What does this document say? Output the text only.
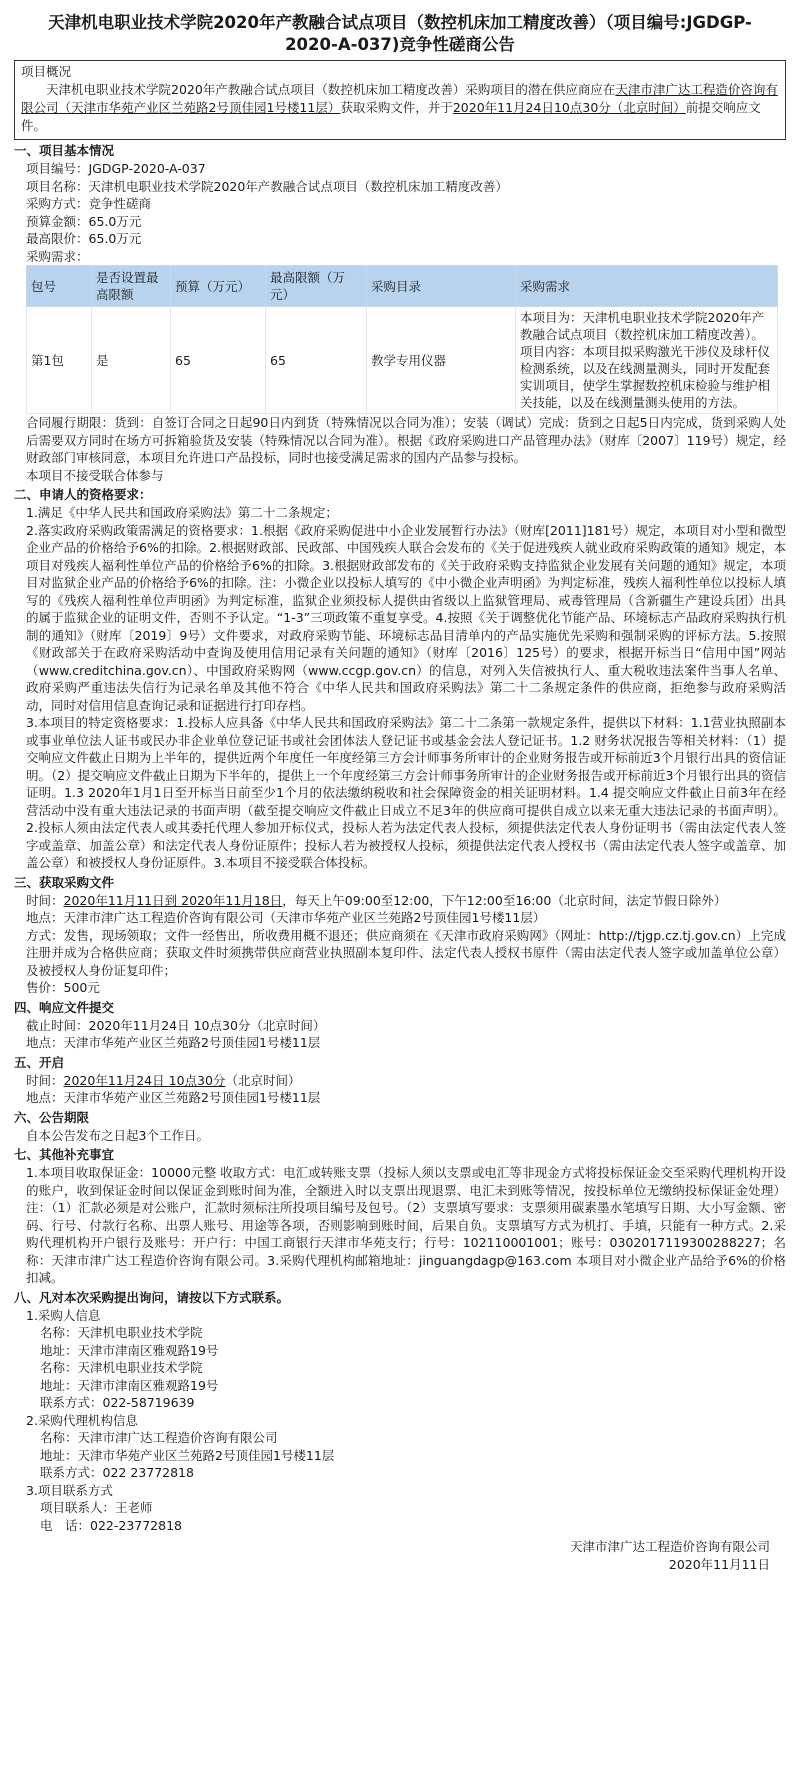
天津机电职业技术学院2020年产教融合试点项目（数控机床加工精度改善）（项目编号:JGDGP-2020-A-037)竞争性磋商公告
项目概况
天津机电职业技术学院2020年产教融合试点项目（数控机床加工精度改善）采购项目的潜在供应商应在天津市津广达工程造价咨询有限公司（天津市华苑产业区兰苑路2号顶佳园1号楼11层）获取采购文件，并于2020年11月24日10点30分（北京时间）前提交响应文件。
一、项目基本情况
项目编号：JGDGP-2020-A-037
项目名称：天津机电职业技术学院2020年产教融合试点项目（数控机床加工精度改善）
采购方式：竞争性磋商
预算金额：65.0万元
最高限价：65.0万元
采购需求：
包号	是否设置最高限额	预算（万元）	最高限额（万元）	采购目录	采购需求
第1包	是	65	65	教学专用仪器	本项目为：天津机电职业技术学院2020年产教融合试点项目（数控机床加工精度改善）。项目内容：本项目拟采购激光干涉仪及球杆仪检测系统，以及在线测量测头，同时开发配套实训项目，使学生掌握数控机床检验与维护相关技能，以及在线测量测头使用的方法。
合同履行期限：货到：自签订合同之日起90日内到货（特殊情况以合同为准）；安装（调试）完成：货到之日起5日内完成，货到采购人处后需要双方同时在场方可拆箱验货及安装（特殊情况以合同为准）。根据《政府采购进口产品管理办法》（财库〔2007〕119号）规定，经财政部门审核同意，本项目允许进口产品投标，同时也接受满足需求的国内产品参与投标。
本项目不接受联合体参与
二、申请人的资格要求：
1.满足《中华人民共和国政府采购法》第二十二条规定；
2.落实政府采购政策需满足的资格要求：1.根据《政府采购促进中小企业发展暂行办法》（财库[2011]181号）规定，本项目对小型和微型企业产品的价格给予6%的扣除。2.根据财政部、民政部、中国残疾人联合会发布的《关于促进残疾人就业政府采购政策的通知》规定，本项目对残疾人福利性单位产品的价格给予6%的扣除。3.根据财政部发布的《关于政府采购支持监狱企业发展有关问题的通知》规定，本项目对监狱企业产品的价格给予6%的扣除。注：小微企业以投标人填写的《中小微企业声明函》为判定标准，残疾人福利性单位以投标人填写的《残疾人福利性单位声明函》为判定标准，监狱企业须投标人提供由省级以上监狱管理局、戒毒管理局（含新疆生产建设兵团）出具的属于监狱企业的证明文件，否则不予认定。“1-3”三项政策不重复享受。4.按照《关于调整优化节能产品、环境标志产品政府采购执行机制的通知》（财库〔2019〕9号）文件要求，对政府采购节能、环境标志品目清单内的产品实施优先采购和强制采购的评标方法。5.按照《财政部关于在政府采购活动中查询及使用信用记录有关问题的通知》（财库〔2016〕125号）的要求，根据开标当日“信用中国”网站（www.creditchina.gov.cn）、中国政府采购网（www.ccgp.gov.cn）的信息，对列入失信被执行人、重大税收违法案件当事人名单、政府采购严重违法失信行为记录名单及其他不符合《中华人民共和国政府采购法》第二十二条规定条件的供应商，拒绝参与政府采购活动，同时对信用信息查询记录和证据进行打印存档。
3.本项目的特定资格要求：1.投标人应具备《中华人民共和国政府采购法》第二十二条第一款规定条件，提供以下材料：1.1营业执照副本或事业单位法人证书或民办非企业单位登记证书或社会团体法人登记证书或基金会法人登记证书。1.2 财务状况报告等相关材料：（1）提交响应文件截止日期为上半年的，提供近两个年度任一年度经第三方会计师事务所审计的企业财务报告或开标前近3个月银行出具的资信证明。（2）提交响应文件截止日期为下半年的，提供上一个年度经第三方会计师事务所审计的企业财务报告或开标前近3个月银行出具的资信证明。1.3 2020年1月1日至开标当日前至少1个月的依法缴纳税收和社会保障资金的相关证明材料。1.4 提交响应文件截止日前3年在经营活动中没有重大违法记录的书面声明（截至提交响应文件截止日成立不足3年的供应商可提供自成立以来无重大违法记录的书面声明）。2.投标人须由法定代表人或其委托代理人参加开标仪式，投标人若为法定代表人投标，须提供法定代表人身份证明书（需由法定代表人签字或盖章、加盖公章）和法定代表人身份证原件；投标人若为被授权人投标，须提供法定代表人授权书（需由法定代表人签字或盖章、加盖公章）和被授权人身份证原件。3.本项目不接受联合体投标。
三、获取采购文件
时间：2020年11月11日到 2020年11月18日，每天上午09:00至12:00，下午12:00至16:00（北京时间，法定节假日除外）
地点：天津市津广达工程造价咨询有限公司（天津市华苑产业区兰苑路2号顶佳园1号楼11层）
方式：发售，现场领取；文件一经售出，所收费用概不退还；供应商须在《天津市政府采购网》（网址：http://tjgp.cz.tj.gov.cn）上完成注册并成为合格供应商；获取文件时须携带供应商营业执照副本复印件、法定代表人授权书原件（需由法定代表人签字或加盖单位公章）及被授权人身份证复印件；
售价：500元
四、响应文件提交
截止时间：2020年11月24日 10点30分（北京时间）
地点：天津市华苑产业区兰苑路2号顶佳园1号楼11层
五、开启
时间：2020年11月24日 10点30分（北京时间）
地点：天津市华苑产业区兰苑路2号顶佳园1号楼11层
六、公告期限
自本公告发布之日起3个工作日。
七、其他补充事宜
1.本项目收取保证金：10000元整 收取方式：电汇或转账支票（投标人须以支票或电汇等非现金方式将投标保证金交至采购代理机构开设的账户，收到保证金时间以保证金到账时间为准，全额进入时以支票出现退票、电汇未到账等情况，按投标单位无缴纳投标保证金处理）注：（1）汇款必须是对公账户，汇款时须标注所投项目编号及包号。（2）支票填写要求：支票须用碳素墨水笔填写日期、大小写金额、密码、行号、付款行名称、出票人账号、用途等各项，否则影响到账时间，后果自负。支票填写方式为机打、手填，只能有一种方式。2.采购代理机构开户银行及账号：开户行：中国工商银行天津市华苑支行；行号：102110001001；账号：0302017119300288227；名称：天津市津广达工程造价咨询有限公司。3.采购代理机构邮箱地址：jinguangdagp@163.com 本项目对小微企业产品给予6%的价格扣减。
八、凡对本次采购提出询问，请按以下方式联系。
1.采购人信息
名称：天津机电职业技术学院
地址：天津市津南区雅观路19号
名称：天津机电职业技术学院
地址：天津市津南区雅观路19号
联系方式：022-58719639
2.采购代理机构信息
名称：天津市津广达工程造价咨询有限公司
地址：天津市华苑产业区兰苑路2号顶佳园1号楼11层
联系方式：022 23772818
3.项目联系方式
项目联系人：王老师
电　话：022-23772818
天津市津广达工程造价咨询有限公司
2020年11月11日
